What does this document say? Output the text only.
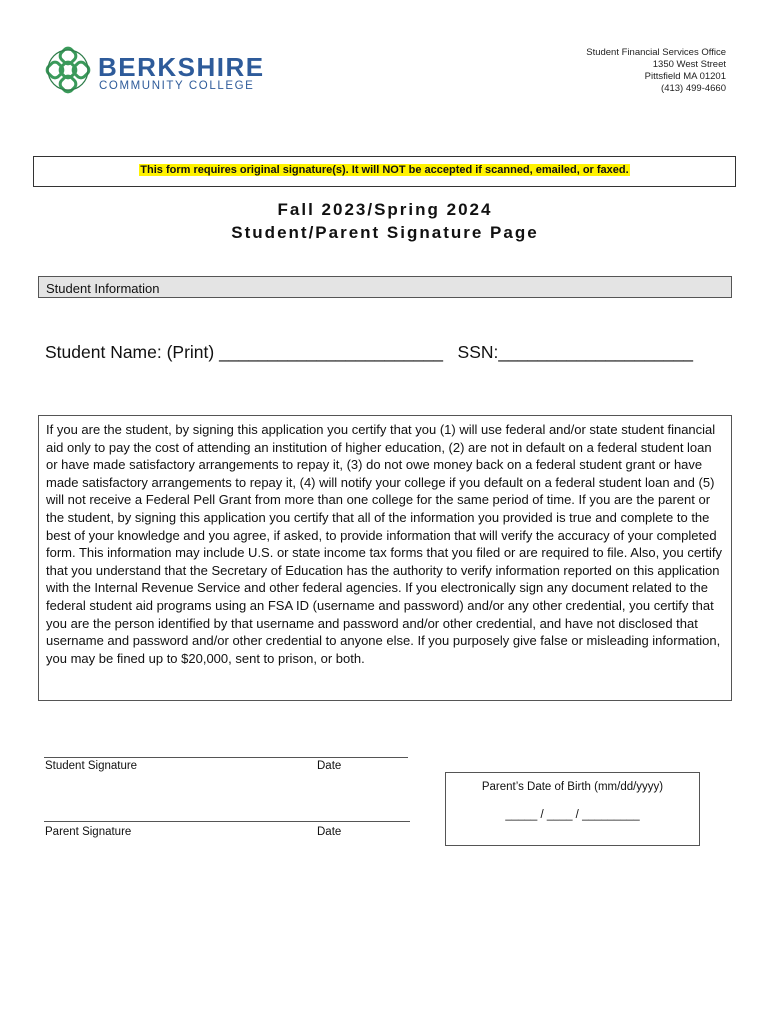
BERKSHIRE
COMMUNITY COLLEGE
Student Financial Services Office
1350 West Street
Pittsfield MA 01201
(413) 499-4660
This form requires original signature(s). It will NOT be accepted if scanned, emailed, or faxed.
Fall 2023/Spring 2024
Student/Parent Signature Page
Student Information
Student Name: (Print) _______________________   SSN:____________________
If you are the student, by signing this application you certify that you (1) will use federal and/or state student financial aid only to pay the cost of attending an institution of higher education, (2) are not in default on a federal student loan or have made satisfactory arrangements to repay it, (3) do not owe money back on a federal student grant or have made satisfactory arrangements to repay it, (4) will notify your college if you default on a federal student loan and (5) will not receive a Federal Pell Grant from more than one college for the same period of time. If you are the parent or the student, by signing this application you certify that all of the information you provided is true and complete to the best of your knowledge and you agree, if asked, to provide information that will verify the accuracy of your completed form. This information may include U.S. or state income tax forms that you filed or are required to file. Also, you certify that you understand that the Secretary of Education has the authority to verify information reported on this application with the Internal Revenue Service and other federal agencies. If you electronically sign any document related to the federal student aid programs using an FSA ID (username and password) and/or any other credential, you certify that you are the person identified by that username and password and/or other credential, and have not disclosed that username and password and/or other credential to anyone else. If you purposely give false or misleading information, you may be fined up to $20,000, sent to prison, or both.
Student Signature	Date
Parent Signature	Date
Parent’s Date of Birth (mm/dd/yyyy)
_____ / ____ / _________
